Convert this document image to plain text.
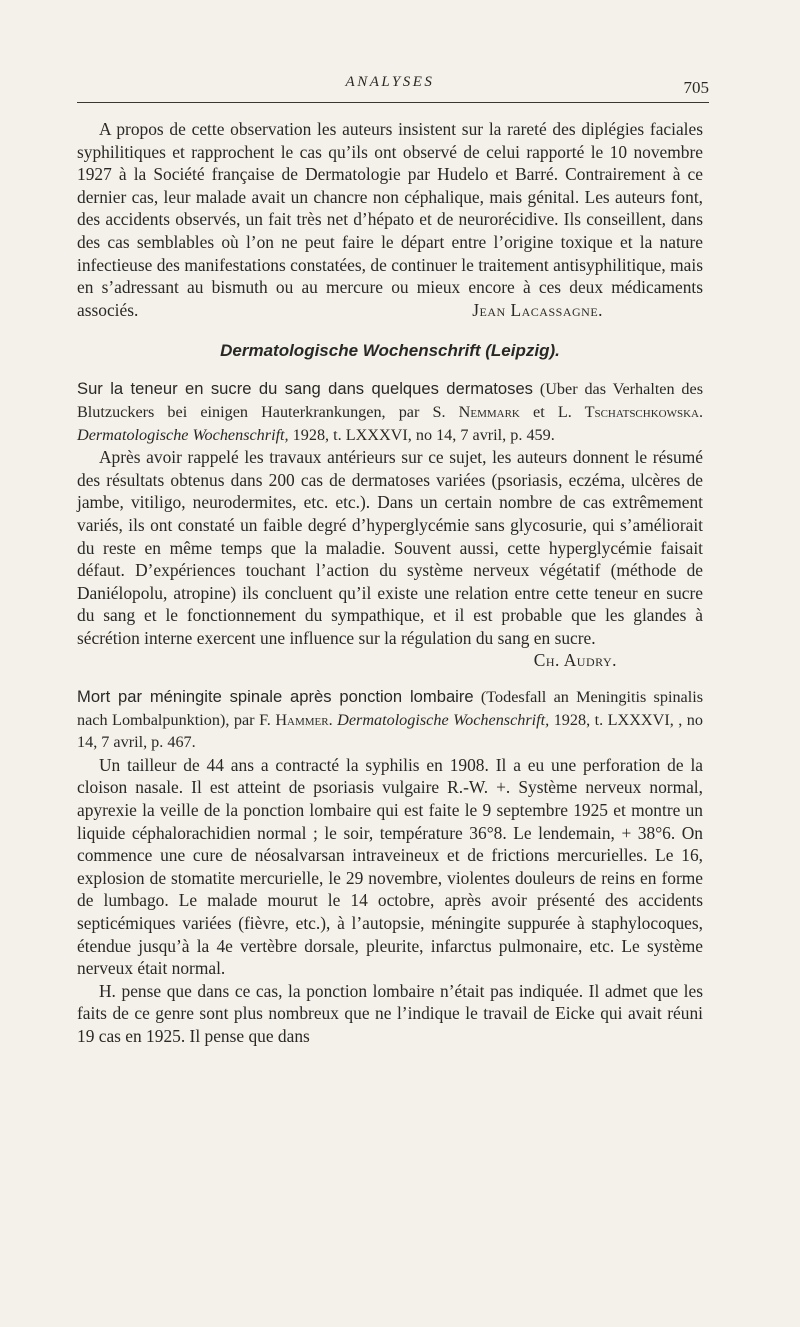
ANALYSES	705

A propos de cette observation les auteurs insistent sur la rareté des diplégies faciales syphilitiques et rapprochent le cas qu’ils ont observé de celui rapporté le 10 novembre 1927 à la Société française de Dermatologie par Hudelo et Barré. Contrairement à ce dernier cas, leur malade avait un chancre non céphalique, mais génital. Les auteurs font, des accidents observés, un fait très net d’hépato et de neurorécidive. Ils conseillent, dans des cas semblables où l’on ne peut faire le départ entre l’origine toxique et la nature infectieuse des manifestations constatées, de continuer le traitement antisyphilitique, mais en s’adressant au bismuth ou au mercure ou mieux encore à ces deux médicaments associés.	Jean Lacassagne.

Dermatologische Wochenschrift (Leipzig).

Sur la teneur en sucre du sang dans quelques dermatoses (Uber das Verhalten des Blutzuckers bei einigen Hauterkrankungen, par S. Nemmark et L. Tschatschkowska. Dermatologische Wochenschrift, 1928, t. LXXXVI, no 14, 7 avril, p. 459.

Après avoir rappelé les travaux antérieurs sur ce sujet, les auteurs donnent le résumé des résultats obtenus dans 200 cas de dermatoses variées (psoriasis, eczéma, ulcères de jambe, vitiligo, neurodermites, etc. etc.). Dans un certain nombre de cas extrêmement variés, ils ont constaté un faible degré d’hyperglycémie sans glycosurie, qui s’améliorait du reste en même temps que la maladie. Souvent aussi, cette hyperglycémie faisait défaut. D’expériences touchant l’action du système nerveux végétatif (méthode de Daniélopolu, atropine) ils concluent qu’il existe une relation entre cette teneur en sucre du sang et le fonctionnement du sympathique, et il est probable que les glandes à sécrétion interne exercent une influence sur la régulation du sang en sucre.
Ch. Audry.

Mort par méningite spinale après ponction lombaire (Todesfall an Meningitis spinalis nach Lombalpunktion), par F. Hammer. Dermatologische Wochenschrift, 1928, t. LXXXVI, , no 14, 7 avril, p. 467.

Un tailleur de 44 ans a contracté la syphilis en 1908. Il a eu une perforation de la cloison nasale. Il est atteint de psoriasis vulgaire R.-W. +. Système nerveux normal, apyrexie la veille de la ponction lombaire qui est faite le 9 septembre 1925 et montre un liquide céphalorachidien normal ; le soir, température 36°8. Le lendemain, + 38°6. On commence une cure de néosalvarsan intraveineux et de frictions mercurielles. Le 16, explosion de stomatite mercurielle, le 29 novembre, violentes douleurs de reins en forme de lumbago. Le malade mourut le 14 octobre, après avoir présenté des accidents septicémiques variées (fièvre, etc.), à l’autopsie, méningite suppurée à staphylocoques, étendue jusqu’à la 4e vertèbre dorsale, pleurite, infarctus pulmonaire, etc. Le système nerveux était normal.

H. pense que dans ce cas, la ponction lombaire n’était pas indiquée. Il admet que les faits de ce genre sont plus nombreux que ne l’indique le travail de Eicke qui avait réuni 19 cas en 1925. Il pense que dans
